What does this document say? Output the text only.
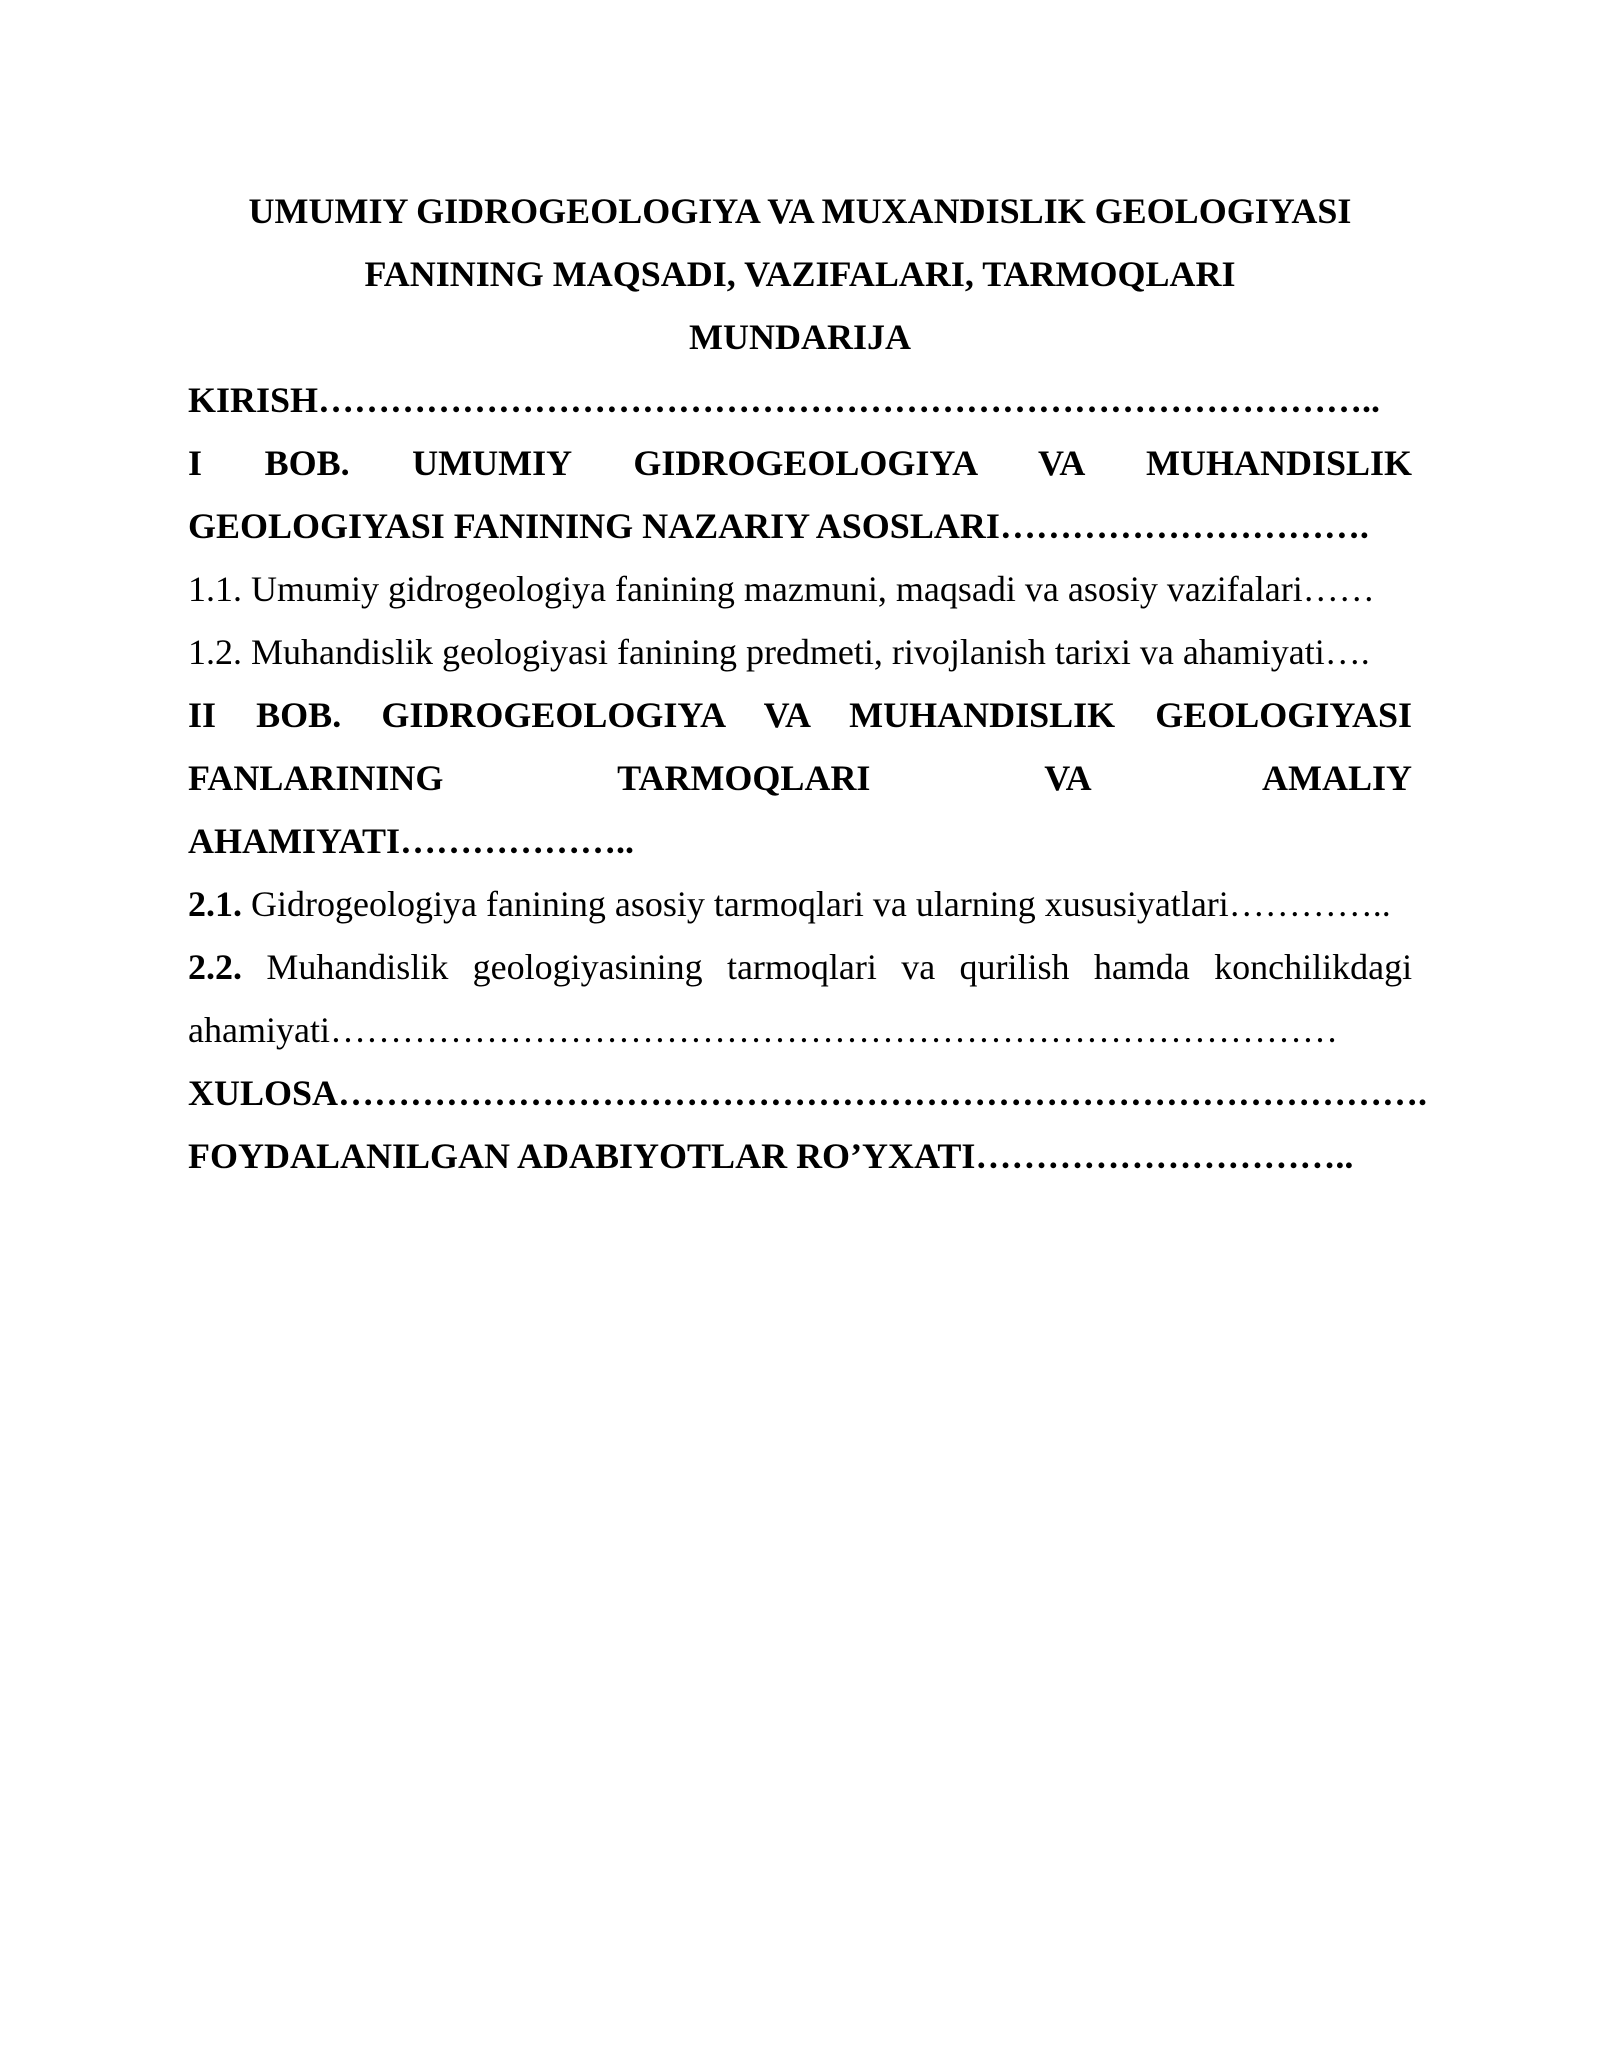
UMUMIY GIDROGEOLOGIYA VA MUXANDISLIK GEOLOGIYASI

FANINING MAQSADI, VAZIFALARI, TARMOQLARI

MUNDARIJA

KIRISH……………………………………………………………………………..

I BOB. UMUMIY GIDROGEOLOGIYA VA MUHANDISLIK

GEOLOGIYASI FANINING NAZARIY ASOSLARI………………………….

1.1. Umumiy gidrogeologiya fanining mazmuni, maqsadi va asosiy vazifalari……

1.2. Muhandislik geologiyasi fanining predmeti, rivojlanish tarixi va ahamiyati….

II BOB. GIDROGEOLOGIYA VA MUHANDISLIK GEOLOGIYASI

FANLARINING	TARMOQLARI	VA	AMALIY

AHAMIYATI………………..

2.1. Gidrogeologiya fanining asosiy tarmoqlari va ularning xususiyatlari…………..

2.2. Muhandislik geologiyasining tarmoqlari va qurilish hamda konchilikdagi

ahamiyati…………………………………………………………………………

XULOSA……………………………………………………………………………….

FOYDALANILGAN ADABIYOTLAR RO’YXATI…………………………..
